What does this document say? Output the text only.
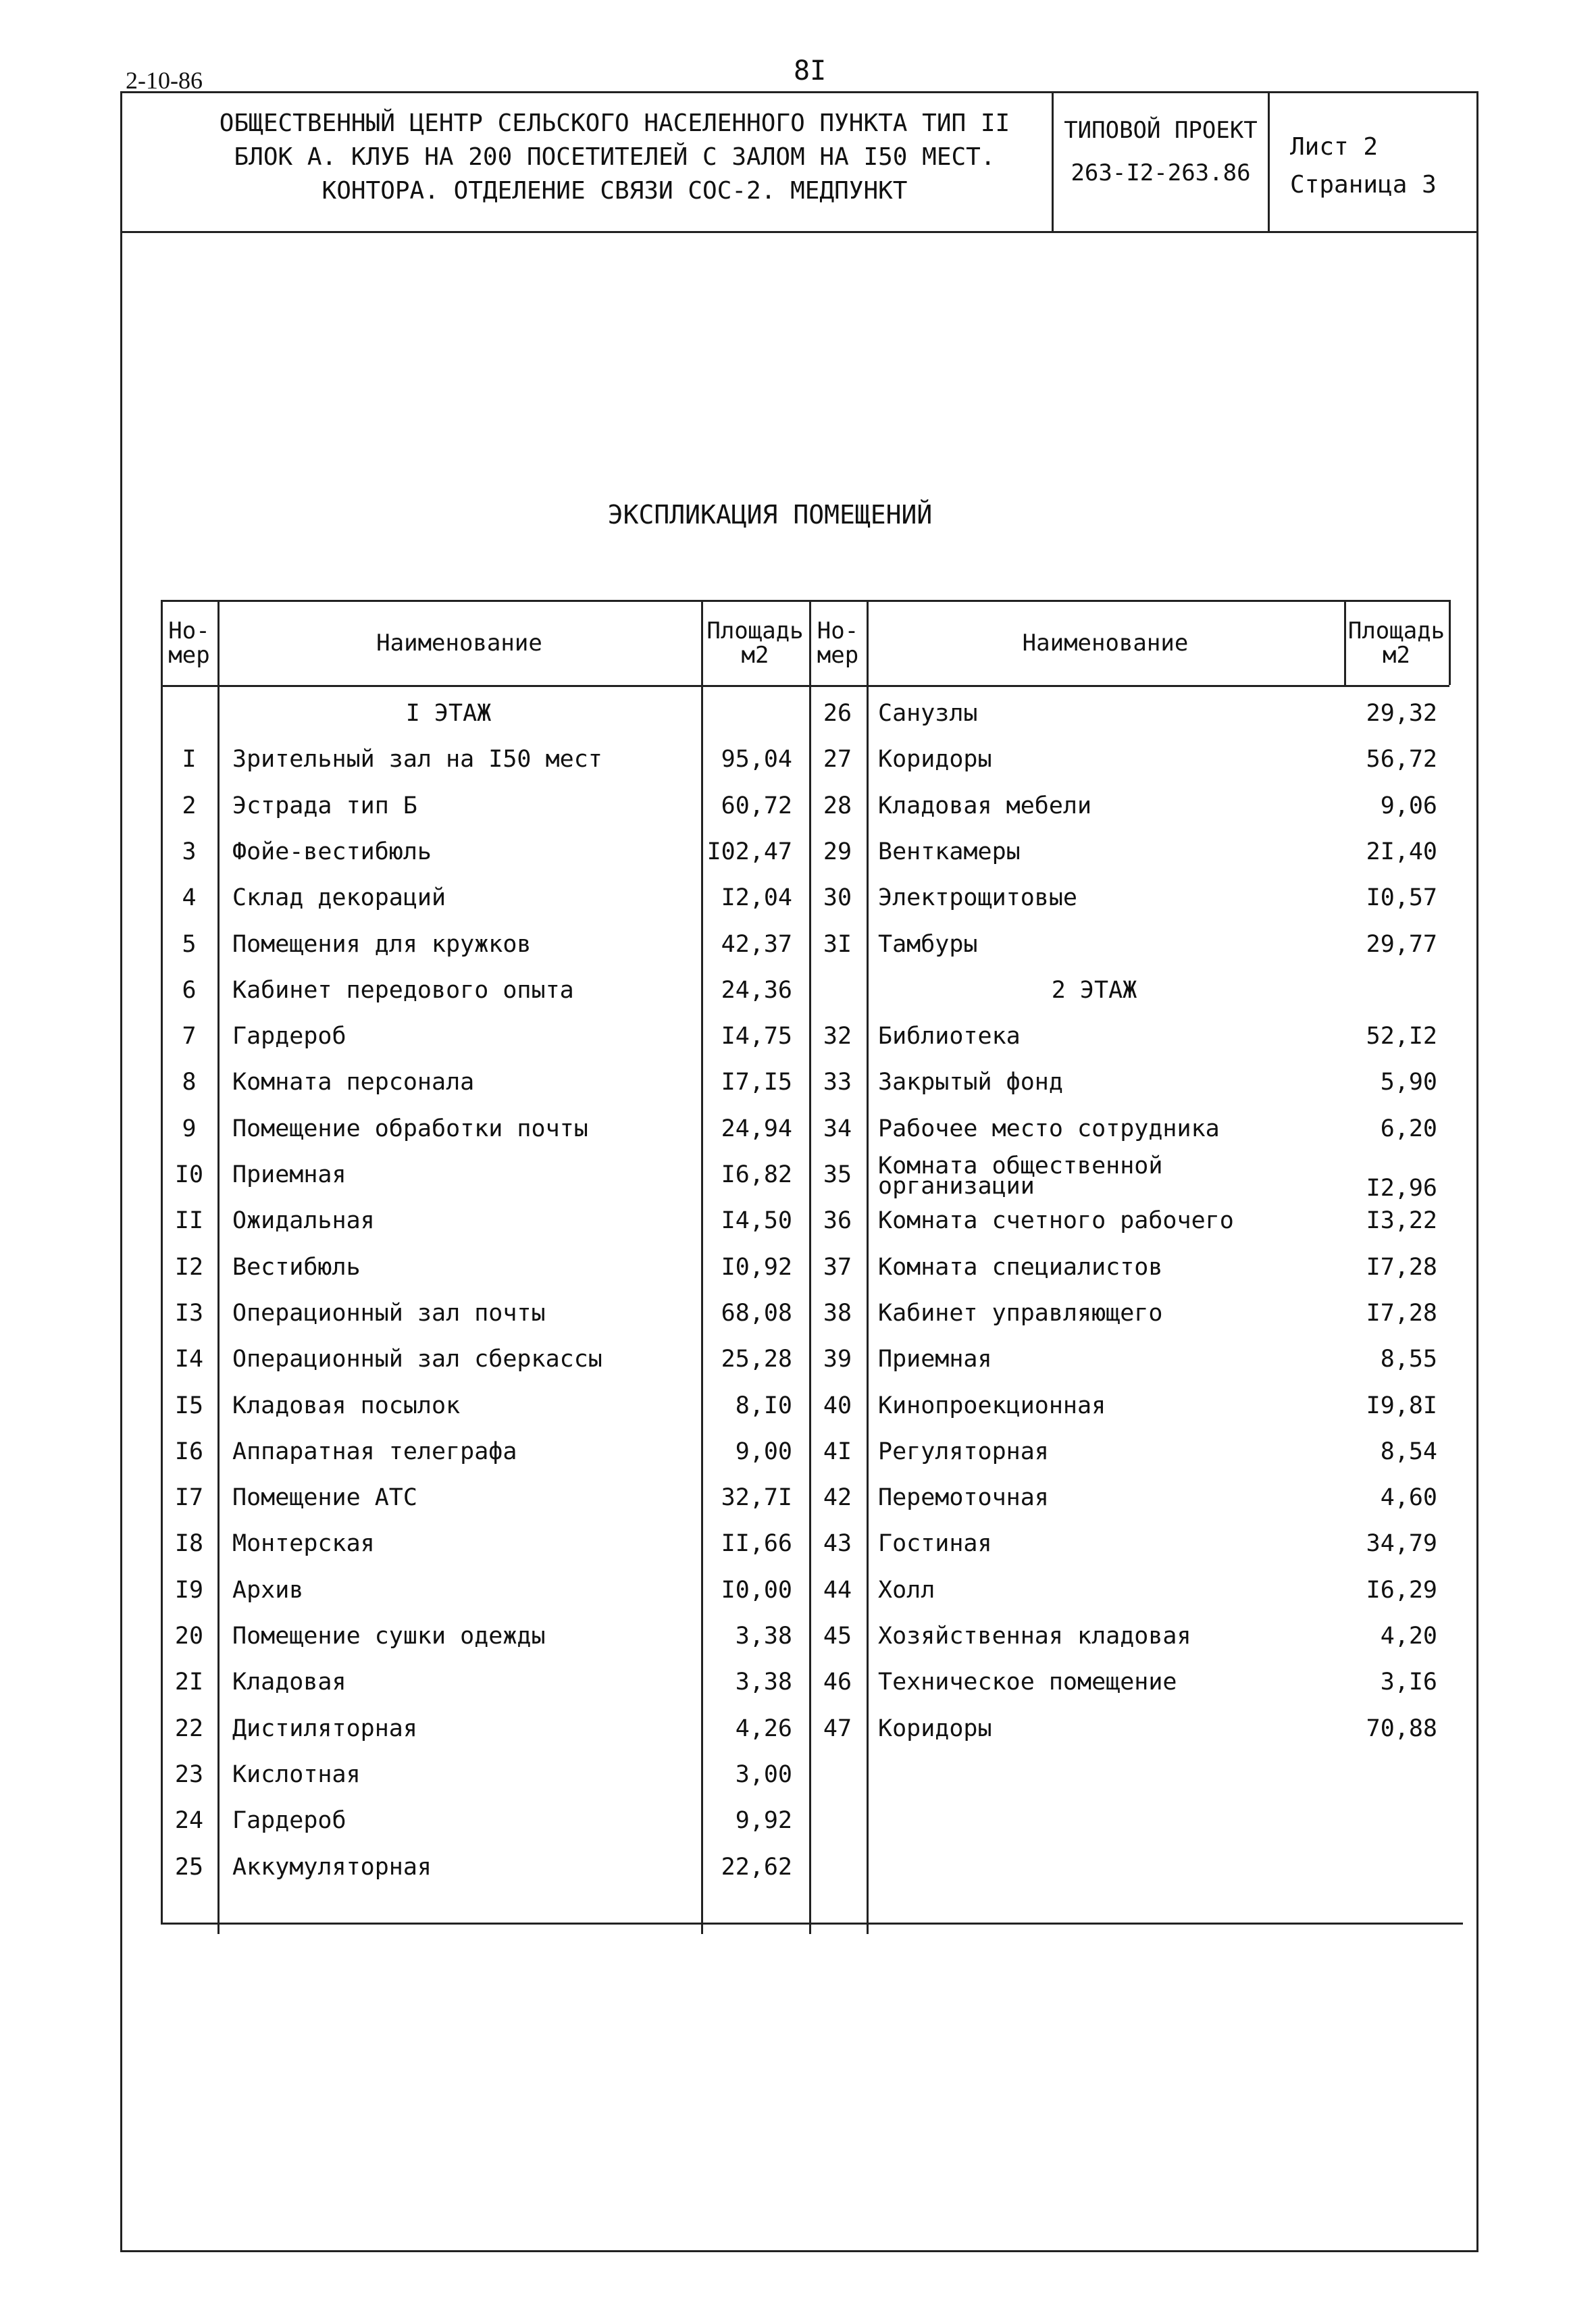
2-10-86	8I
ОБЩЕСТВЕННЫЙ ЦЕНТР СЕЛЬСКОГО НАСЕЛЕННОГО ПУНКТА ТИП II
БЛОК А. КЛУБ НА 200 ПОСЕТИТЕЛЕЙ С ЗАЛОМ НА I50 МЕСТ.
КОНТОРА. ОТДЕЛЕНИЕ СВЯЗИ СОС-2. МЕДПУНКТ
ТИПОВОЙ ПРОЕКТ
263-I2-263.86
Лист 2
Страница 3
ЭКСПЛИКАЦИЯ ПОМЕЩЕНИЙ
Но-
мер	Наименование	Площадь
м2
Но-
мер	Наименование	Площадь
м2
I ЭТАЖ
I	Зрительный зал на I50 мест	95,04
2	Эстрада тип Б	60,72
3	Фойе-вестибюль	I02,47
4	Склад декораций	I2,04
5	Помещения для кружков	42,37
6	Кабинет передового опыта	24,36
7	Гардероб	I4,75
8	Комната персонала	I7,I5
9	Помещение обработки почты	24,94
I0	Приемная	I6,82
II	Ожидальная	I4,50
I2	Вестибюль	I0,92
I3	Операционный зал почты	68,08
I4	Операционный зал сберкассы	25,28
I5	Кладовая посылок	8,I0
I6	Аппаратная телеграфа	9,00
I7	Помещение АТС	32,7I
I8	Монтерская	II,66
I9	Архив	I0,00
20	Помещение сушки одежды	3,38
2I	Кладовая	3,38
22	Дистиляторная	4,26
23	Кислотная	3,00
24	Гардероб	9,92
25	Аккумуляторная	22,62
26	Санузлы	29,32
27	Коридоры	56,72
28	Кладовая мебели	9,06
29	Венткамеры	2I,40
30	Электрощитовые	I0,57
3I	Тамбуры	29,77
2 ЭТАЖ
32	Библиотека	52,I2
33	Закрытый фонд	5,90
34	Рабочее место сотрудника	6,20
35	Комната общественной
организации	I2,96
36	Комната счетного рабочего	I3,22
37	Комната специалистов	I7,28
38	Кабинет управляющего	I7,28
39	Приемная	8,55
40	Кинопроекционная	I9,8I
4I	Регуляторная	8,54
42	Перемоточная	4,60
43	Гостиная	34,79
44	Холл	I6,29
45	Хозяйственная кладовая	4,20
46	Техническое помещение	3,I6
47	Коридоры	70,88
